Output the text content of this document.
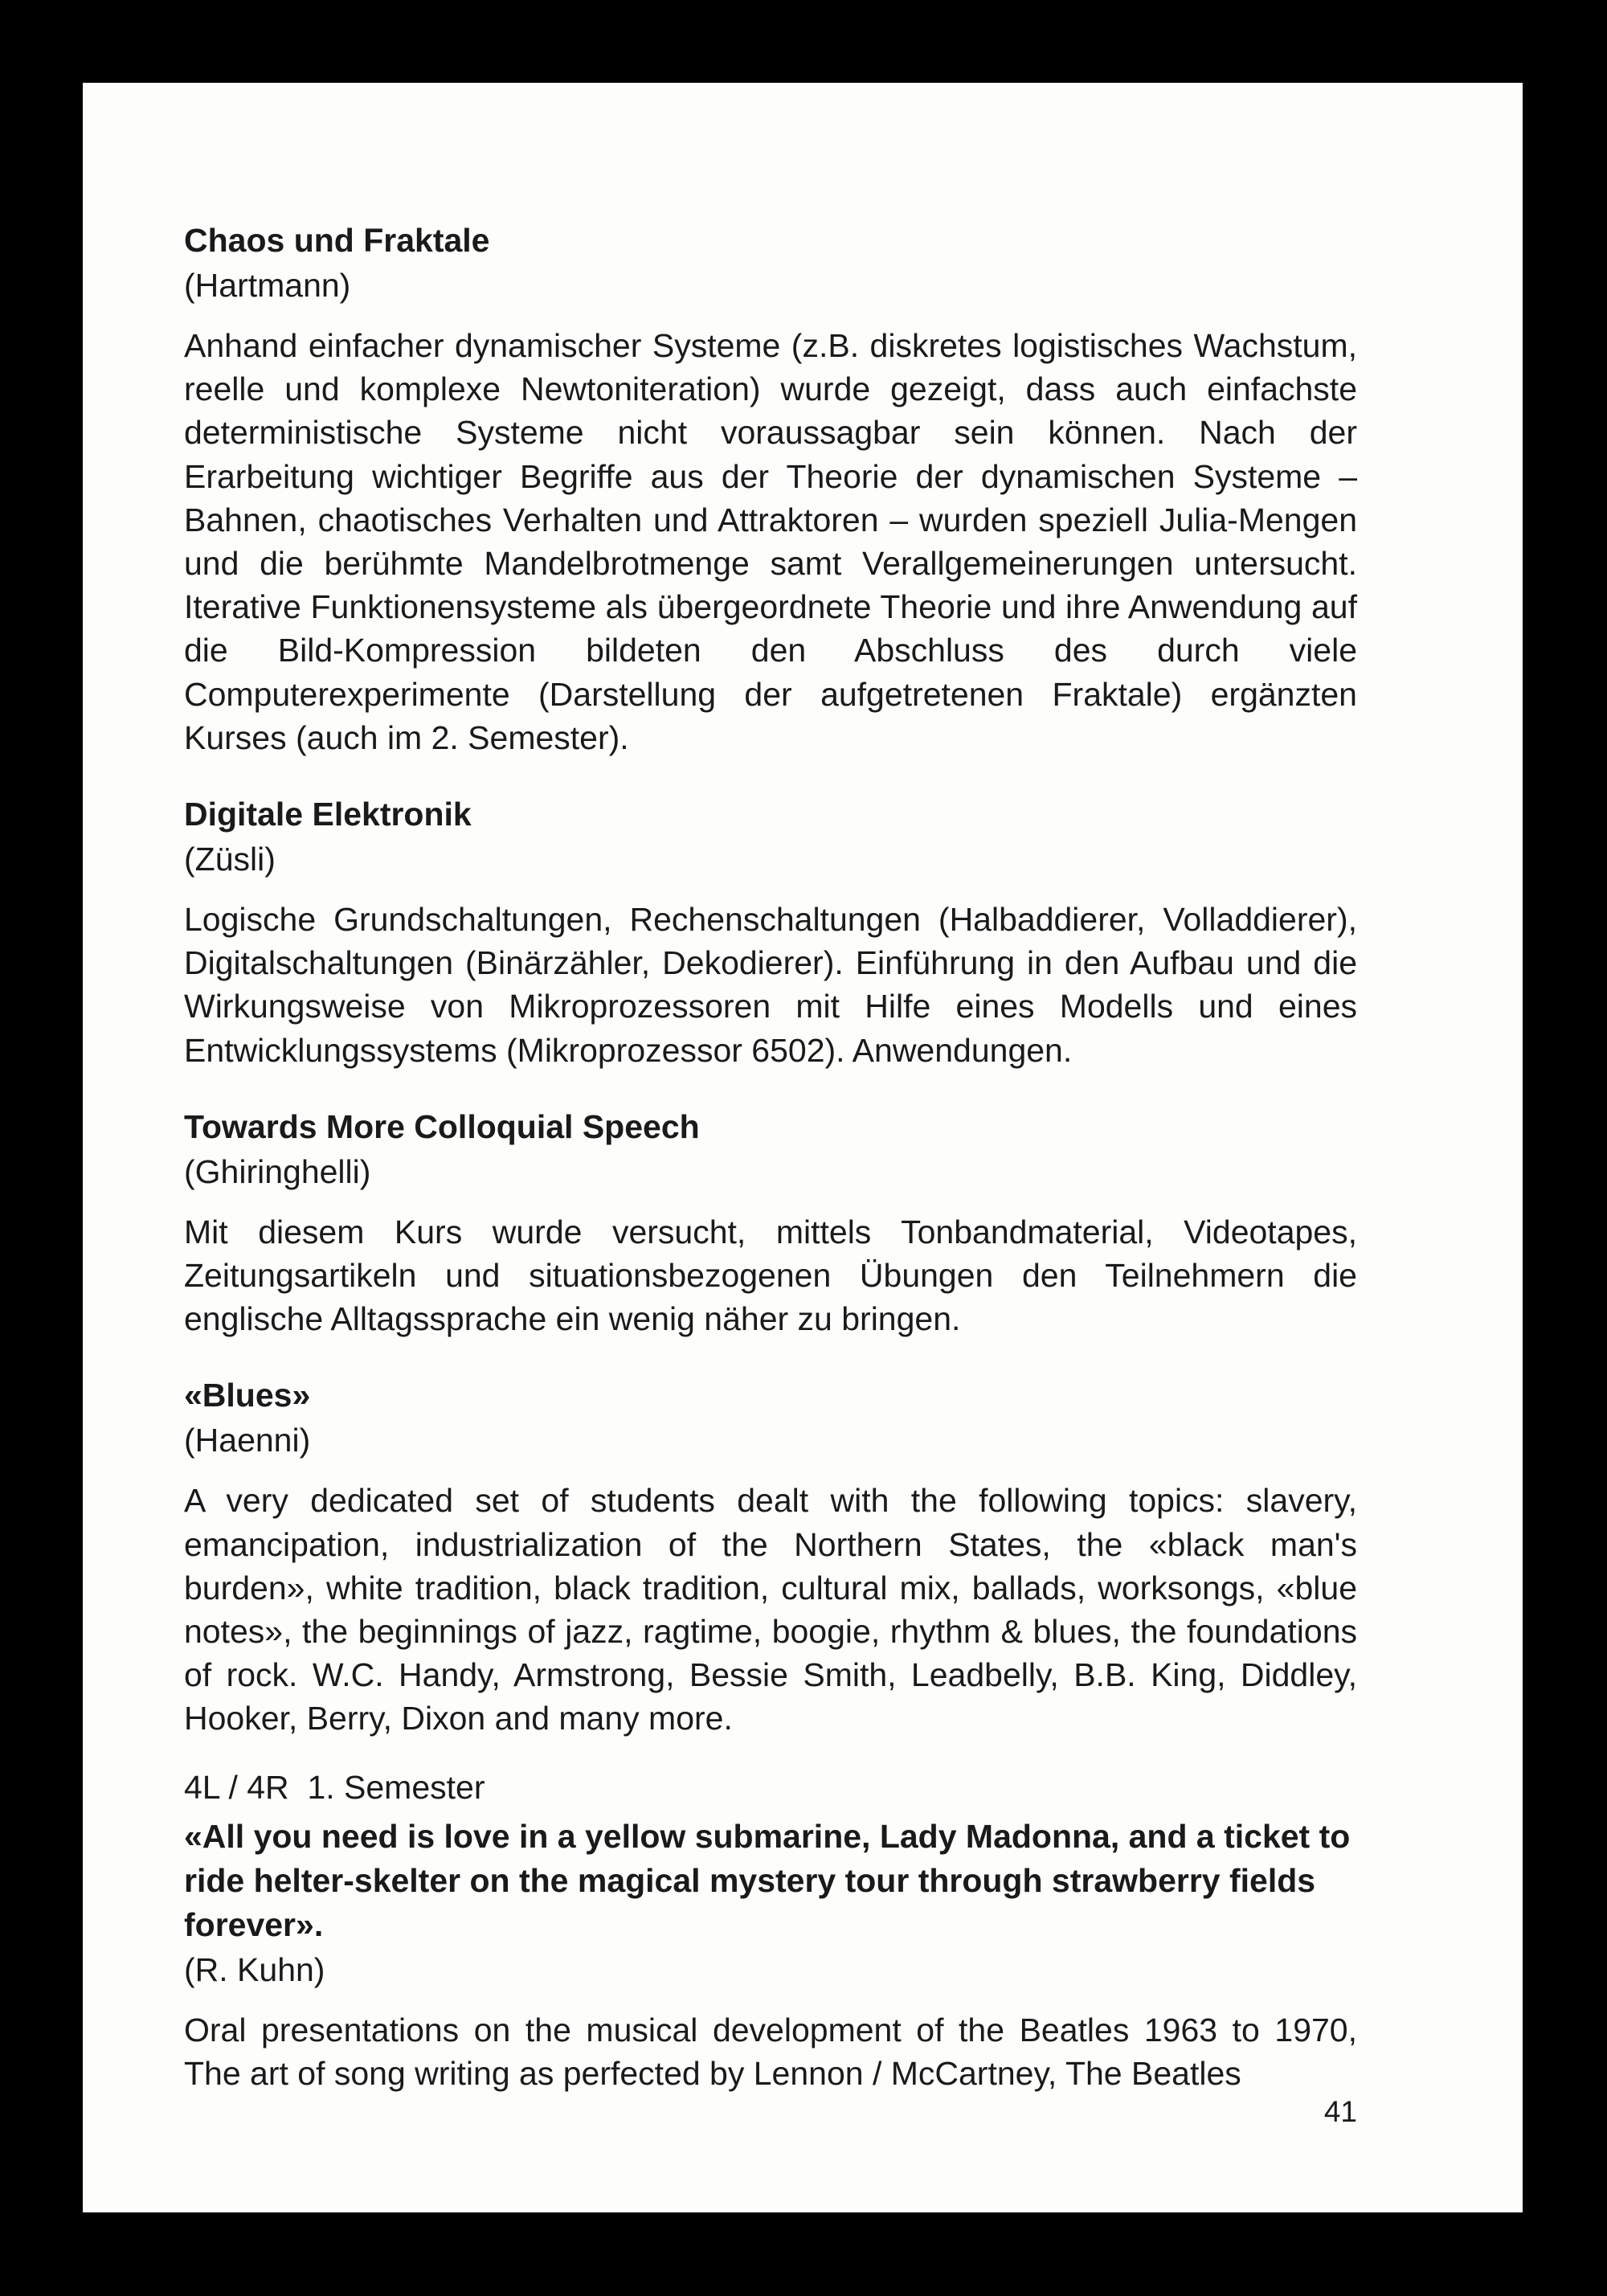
Chaos und Fraktale

(Hartmann)

Anhand einfacher dynamischer Systeme (z.B. diskretes logistisches Wachstum, reelle und komplexe Newtoniteration) wurde gezeigt, dass auch einfachste deterministische Systeme nicht voraussagbar sein können. Nach der Erarbeitung wichtiger Begriffe aus der Theorie der dynamischen Systeme – Bahnen, chaotisches Verhalten und Attraktoren – wurden speziell Julia-Mengen und die berühmte Mandelbrotmenge samt Verallgemeinerungen untersucht. Iterative Funktionensysteme als übergeordnete Theorie und ihre Anwendung auf die Bild-Kompression bildeten den Abschluss des durch viele Computerexperimente (Darstellung der aufgetretenen Fraktale) ergänzten Kurses (auch im 2. Semester).

Digitale Elektronik

(Züsli)

Logische Grundschaltungen, Rechenschaltungen (Halbaddierer, Volladdierer), Digitalschaltungen (Binärzähler, Dekodierer). Einführung in den Aufbau und die Wirkungsweise von Mikroprozessoren mit Hilfe eines Modells und eines Entwicklungssystems (Mikroprozessor 6502). Anwendungen.

Towards More Colloquial Speech

(Ghiringhelli)

Mit diesem Kurs wurde versucht, mittels Tonbandmaterial, Videotapes, Zeitungsartikeln und situationsbezogenen Übungen den Teilnehmern die englische Alltagssprache ein wenig näher zu bringen.

«Blues»

(Haenni)

A very dedicated set of students dealt with the following topics: slavery, emancipation, industrialization of the Northern States, the «black man's burden», white tradition, black tradition, cultural mix, ballads, worksongs, «blue notes», the beginnings of jazz, ragtime, boogie, rhythm & blues, the foundations of rock. W.C. Handy, Armstrong, Bessie Smith, Leadbelly, B.B. King, Diddley, Hooker, Berry, Dixon and many more.

4L / 4R  1. Semester

«All you need is love in a yellow submarine, Lady Madonna, and a ticket to ride helter-skelter on the magical mystery tour through strawberry fields forever».

(R. Kuhn)

Oral presentations on the musical development of the Beatles 1963 to 1970, The art of song writing as perfected by Lennon / McCartney, The Beatles

41
